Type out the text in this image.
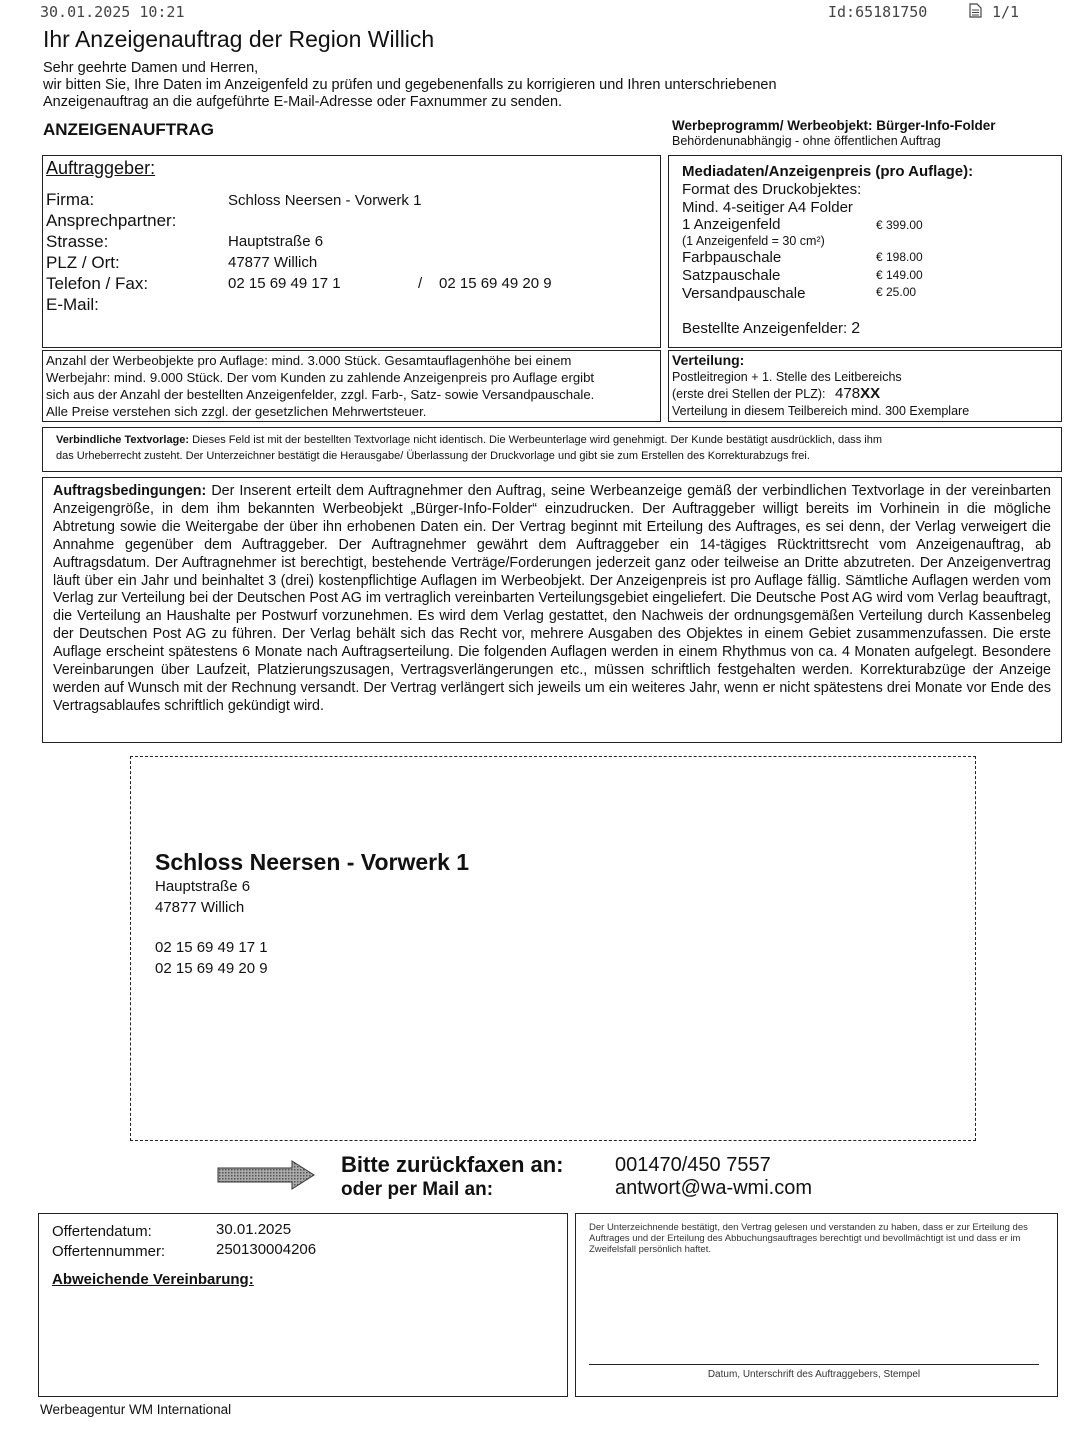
30.01.2025 10:21	Id:65181750	1/1
Ihr Anzeigenauftrag der Region Willich

Sehr geehrte Damen und Herren,

wir bitten Sie, Ihre Daten im Anzeigenfeld zu prüfen und gegebenenfalls zu korrigieren und Ihren unterschriebenen

Anzeigenauftrag an die aufgeführte E-Mail-Adresse oder Faxnummer zu senden.

ANZEIGENAUFTRAG	Werbeprogramm/ Werbeobjekt: Bürger-Info-Folder
Behördenunabhängig - ohne öffentlichen Auftrag
Auftraggeber:
Firma:	Schloss Neersen - Vorwerk 1
Ansprechpartner:
Strasse:	Hauptstraße 6
PLZ / Ort:	47877 Willich
Telefon / Fax:	02 15 69 49 17 1	/ 02 15 69 49 20 9
E-Mail:
Mediadaten/Anzeigenpreis (pro Auflage):
Format des Druckobjektes:
Mind. 4-seitiger A4 Folder
1 Anzeigenfeld	€ 399.00
(1 Anzeigenfeld = 30 cm²)
Farbpauschale	€ 198.00
Satzpauschale	€ 149.00
Versandpauschale	€ 25.00
Bestellte Anzeigenfelder: 2

Anzahl der Werbeobjekte pro Auflage: mind. 3.000 Stück. Gesamtauflagenhöhe bei einem

Werbejahr: mind. 9.000 Stück. Der vom Kunden zu zahlende Anzeigenpreis pro Auflage ergibt

sich aus der Anzahl der bestellten Anzeigenfelder, zzgl. Farb-, Satz- sowie Versandpauschale.

Alle Preise verstehen sich zzgl. der gesetzlichen Mehrwertsteuer.

Verteilung:
Postleitregion + 1. Stelle des Leitbereichs
(erste drei Stellen der PLZ): 478XX
Verteilung in diesem Teilbereich mind. 300 Exemplare
Verbindliche Textvorlage: Dieses Feld ist mit der bestellten Textvorlage nicht identisch. Die Werbeunterlage wird genehmigt. Der Kunde bestätigt ausdrücklich, dass ihm
das Urheberrecht zusteht. Der Unterzeichner bestätigt die Herausgabe/ Überlassung der Druckvorlage und gibt sie zum Erstellen des Korrekturabzugs frei.

Auftragsbedingungen: Der Inserent erteilt dem Auftragnehmer den Auftrag, seine Werbeanzeige gemäß der verbindlichen Textvorlage in der vereinbarten Anzeigengröße, in dem ihm bekannten Werbeobjekt „Bürger-Info-Folder“ einzudrucken. Der Auftraggeber willigt bereits im Vorhinein in die mögliche Abtretung sowie die Weitergabe der über ihn erhobenen Daten ein. Der Vertrag beginnt mit Erteilung des Auftrages, es sei denn, der Verlag verweigert die Annahme gegenüber dem Auftraggeber. Der Auftragnehmer gewährt dem Auftraggeber ein 14-tägiges Rücktrittsrecht vom Anzeigenauftrag, ab Auftragsdatum. Der Auftragnehmer ist berechtigt, bestehende Verträge/Forderungen jederzeit ganz oder teilweise an Dritte abzutreten. Der Anzeigenvertrag läuft über ein Jahr und beinhaltet 3 (drei) kostenpflichtige Auflagen im Werbeobjekt. Der Anzeigenpreis ist pro Auflage fällig. Sämtliche Auflagen werden vom Verlag zur Verteilung bei der Deutschen Post AG im vertraglich vereinbarten Verteilungsgebiet eingeliefert. Die Deutsche Post AG wird vom Verlag beauftragt, die Verteilung an Haushalte per Postwurf vorzunehmen. Es wird dem Verlag gestattet, den Nachweis der ordnungsgemäßen Verteilung durch Kassenbeleg der Deutschen Post AG zu führen. Der Verlag behält sich das Recht vor, mehrere Ausgaben des Objektes in einem Gebiet zusammenzufassen. Die erste Auflage erscheint spätestens 6 Monate nach Auftragserteilung. Die folgenden Auflagen werden in einem Rhythmus von ca. 4 Monaten aufgelegt. Besondere Vereinbarungen über Laufzeit, Platzierungszusagen, Vertragsverlängerungen etc., müssen schriftlich festgehalten werden. Korrekturabzüge der Anzeige werden auf Wunsch mit der Rechnung versandt. Der Vertrag verlängert sich jeweils um ein weiteres Jahr, wenn er nicht spätestens drei Monate vor Ende des Vertragsablaufes schriftlich gekündigt wird.

Schloss Neersen - Vorwerk 1
Hauptstraße 6
47877 Willich
02 15 69 49 17 1
02 15 69 49 20 9
Bitte zurückfaxen an:	001470/450 7557
oder per Mail an:	antwort@wa-wmi.com
Offertendatum:	30.01.2025
Offertennummer:	250130004206
Abweichende Vereinbarung:
Der Unterzeichnende bestätigt, den Vertrag gelesen und verstanden zu haben, dass er zur Erteilung des Auftrages und der Erteilung des Abbuchungsauftrages berechtigt und bevollmächtigt ist und dass er im Zweifelsfall persönlich haftet.
Datum, Unterschrift des Auftraggebers, Stempel
Werbeagentur WM International
